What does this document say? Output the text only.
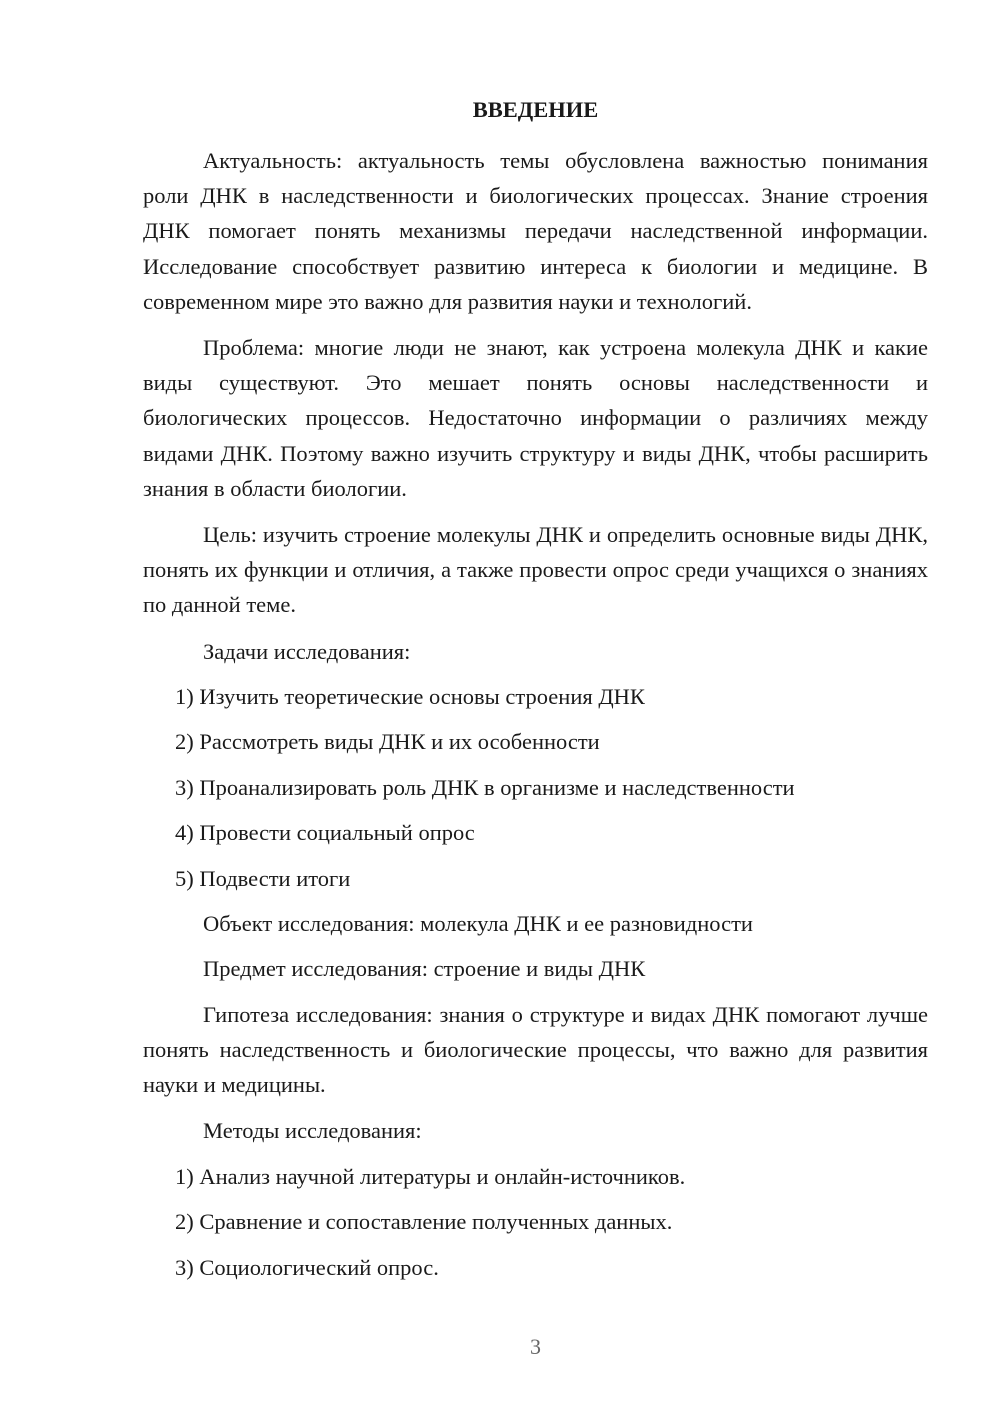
ВВЕДЕНИЕ

Актуальность: актуальность темы обусловлена важностью понимания роли ДНК в наследственности и биологических процессах. Знание строения ДНК помогает понять механизмы передачи наследственной информации. Исследование способствует развитию интереса к биологии и медицине. В современном мире это важно для развития науки и технологий.

Проблема: многие люди не знают, как устроена молекула ДНК и какие виды существуют. Это мешает понять основы наследственности и биологических процессов. Недостаточно информации о различиях между видами ДНК. Поэтому важно изучить структуру и виды ДНК, чтобы расширить знания в области биологии.

Цель: изучить строение молекулы ДНК и определить основные виды ДНК, понять их функции и отличия, а также провести опрос среди учащихся о знаниях по данной теме.

Задачи исследования:
1) Изучить теоретические основы строения ДНК
2) Рассмотреть виды ДНК и их особенности
3) Проанализировать роль ДНК в организме и наследственности
4) Провести социальный опрос
5) Подвести итоги
Объект исследования: молекула ДНК и ее разновидности
Предмет исследования: строение и виды ДНК

Гипотеза исследования: знания о структуре и видах ДНК помогают лучше понять наследственность и биологические процессы, что важно для развития науки и медицины.

Методы исследования:
1) Анализ научной литературы и онлайн-источников.
2) Сравнение и сопоставление полученных данных.
3) Социологический опрос.
3
